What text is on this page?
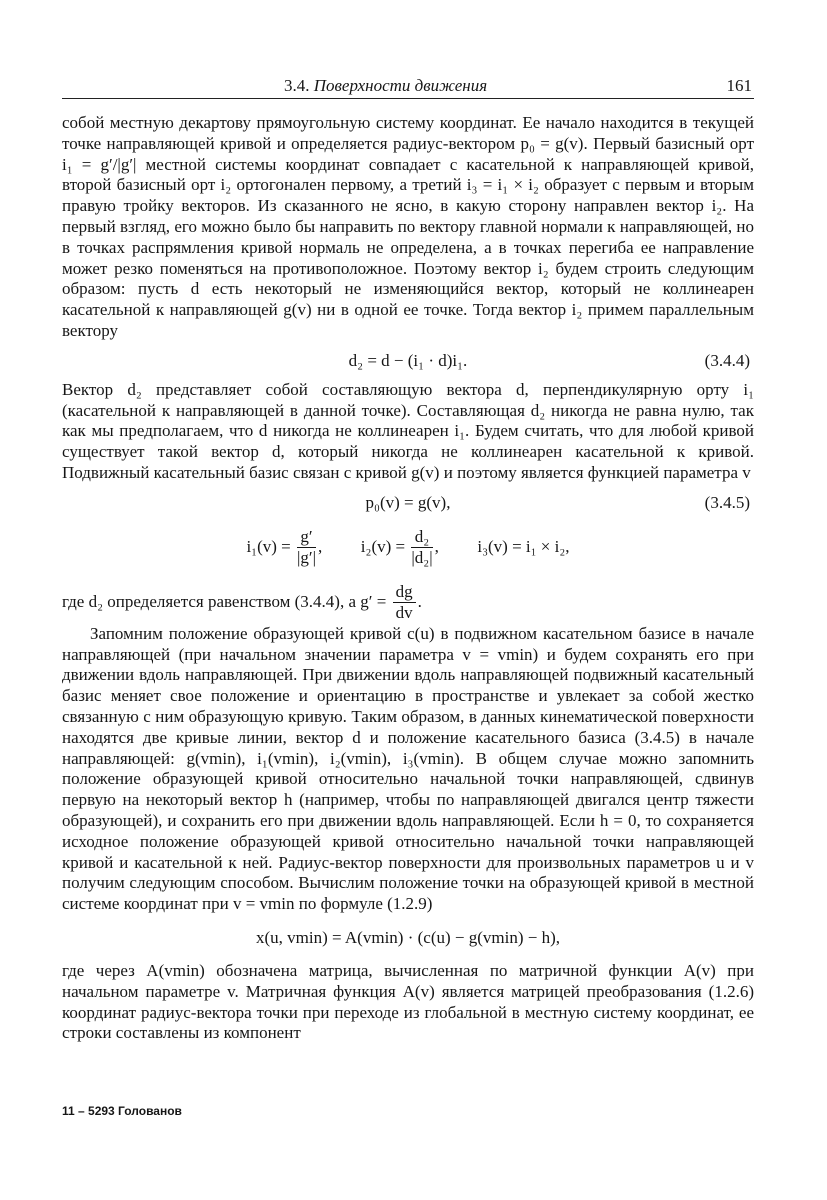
3.4. Поверхности движения	161

собой местную декартову прямоугольную систему координат. Ее начало находится в текущей точке направляющей кривой и определяется радиус-вектором p₀ = g(v). Первый базисный орт i₁ = g′/|g′| местной системы координат совпадает с касательной к направляющей кривой, второй базисный орт i₂ ортогонален первому, а третий i₃ = i₁ × i₂ образует с первым и вторым правую тройку векторов. Из сказанного не ясно, в какую сторону направлен вектор i₂. На первый взгляд, его можно было бы направить по вектору главной нормали к направляющей, но в точках распрямления кривой нормаль не определена, а в точках перегиба ее направление может резко поменяться на противоположное. Поэтому вектор i₂ будем строить следующим образом: пусть d есть некоторый не изменяющийся вектор, который не коллинеарен касательной к направляющей g(v) ни в одной ее точке. Тогда вектор i₂ примем параллельным вектору

d₂ = d − (i₁ · d)i₁.	(3.4.4)

Вектор d₂ представляет собой составляющую вектора d, перпендикулярную орту i₁ (касательной к направляющей в данной точке). Составляющая d₂ никогда не равна нулю, так как мы предполагаем, что d никогда не коллинеарен i₁. Будем считать, что для любой кривой существует такой вектор d, который никогда не коллинеарен касательной к кривой. Подвижный касательный базис связан с кривой g(v) и поэтому является функцией параметра v

p₀(v) = g(v),	(3.4.5)
$i_1(v) = \frac{g'}{|g'|}$ , $i_2(v) = \frac{\text{d₂}}{\text{|d₂|}}$ , i₃(v) = i₁ × i₂,

где d₂ определяется равенством (3.4.4), а $g' = \frac{dg}{dv}$ .

Запомним положение образующей кривой c(u) в подвижном касательном базисе в начале направляющей (при начальном значении параметра v = vmin) и будем сохранять его при движении вдоль направляющей. При движении вдоль направляющей подвижный касательный базис меняет свое положение и ориентацию в пространстве и увлекает за собой жестко связанную с ним образующую кривую. Таким образом, в данных кинематической поверхности находятся две кривые линии, вектор d и положение касательного базиса (3.4.5) в начале направляющей: g(vmin), i₁(vmin), i₂(vmin), i₃(vmin). В общем случае можно запомнить положение образующей кривой относительно начальной точки направляющей, сдвинув первую на некоторый вектор h (например, чтобы по направляющей двигался центр тяжести образующей), и сохранить его при движении вдоль направляющей. Если h = 0, то сохраняется исходное положение образующей кривой относительно начальной точки направляющей кривой и касательной к ней. Радиус-вектор поверхности для произвольных параметров u и v получим следующим способом. Вычислим положение точки на образующей кривой в местной системе координат при v = vmin по формуле (1.2.9)

x(u, vmin) = A(vmin) · (c(u) − g(vmin) − h),

где через A(vmin) обозначена матрица, вычисленная по матричной функции A(v) при начальном параметре v. Матричная функция A(v) является матрицей преобразования (1.2.6) координат радиус-вектора точки при переходе из глобальной в местную систему координат, ее строки составлены из компонент

11 – 5293 Голованов
